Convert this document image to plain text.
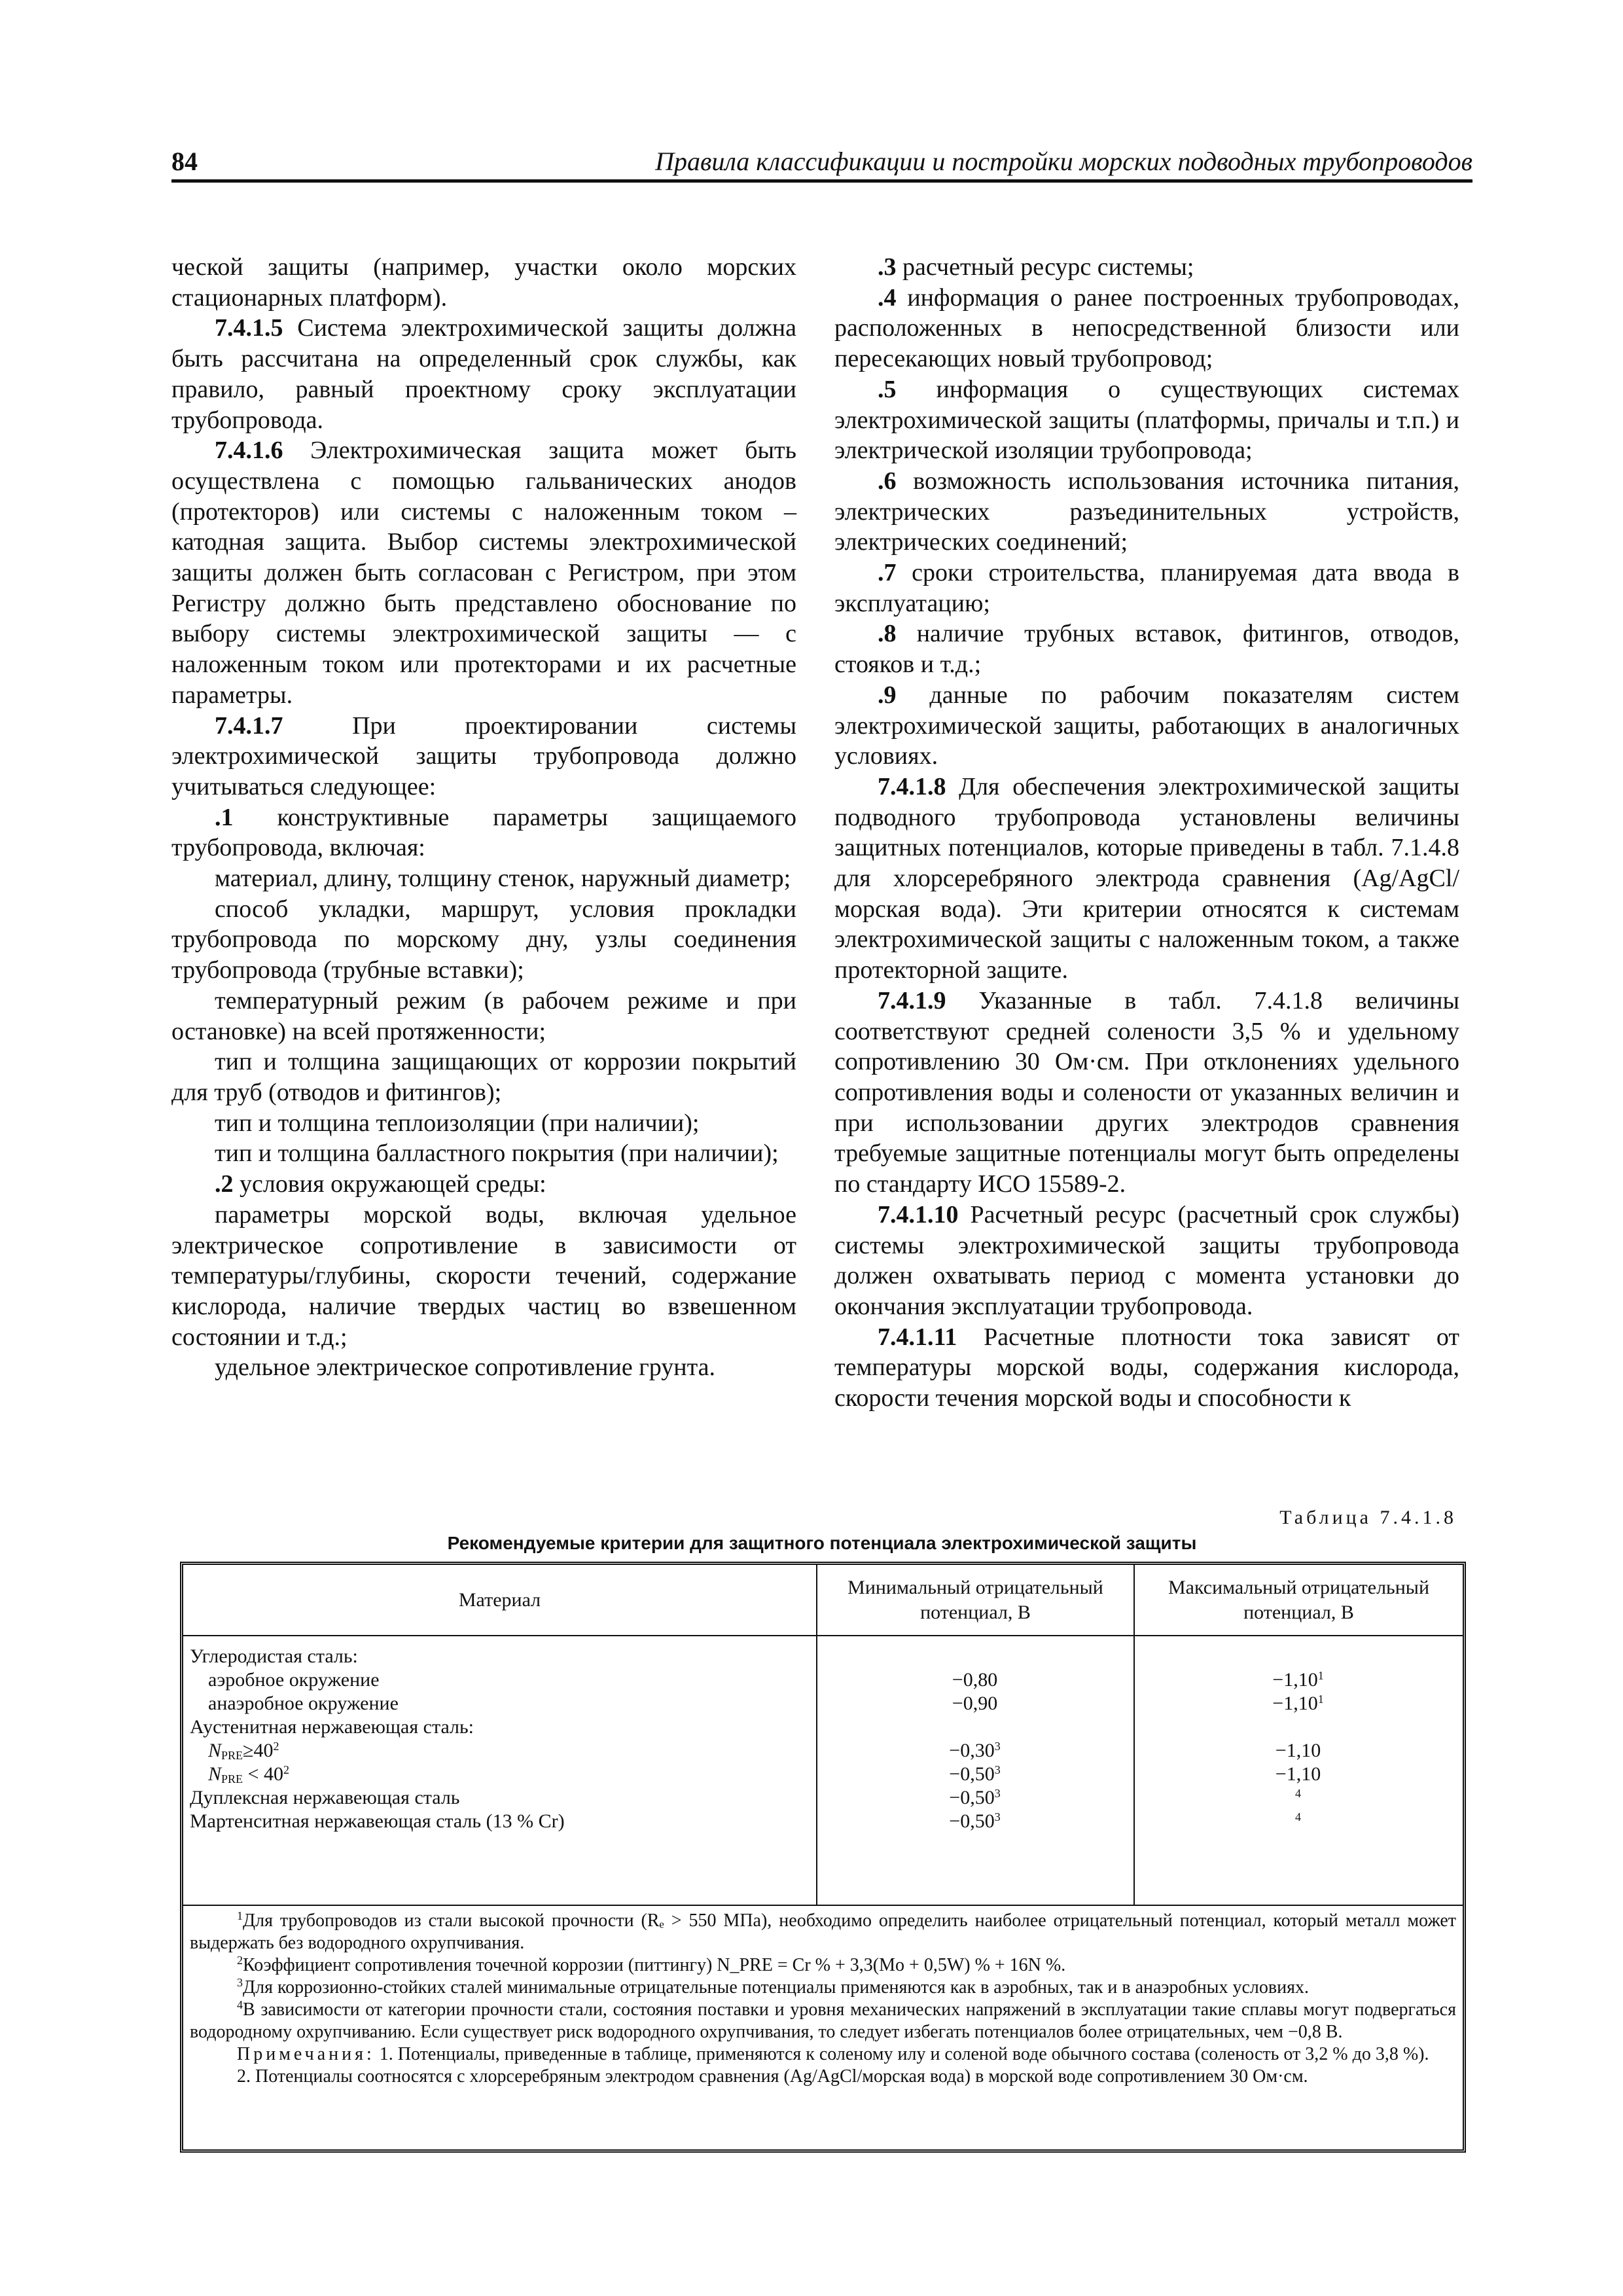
84	Правила классификации и постройки морских подводных трубопроводов

ческой защиты (например, участки около морских стационарных платформ).

7.4.1.5 Система электрохимической защиты должна быть рассчитана на определенный срок службы, как правило, равный проектному сроку эксплуатации трубопровода.

7.4.1.6 Электрохимическая защита может быть осуществлена с помощью гальванических анодов (протекторов) или системы с наложенным током – катодная защита. Выбор системы электрохимической защиты должен быть согласован с Регистром, при этом Регистру должно быть представлено обоснование по выбору системы электрохимической защиты — с наложенным током или протекторами и их расчетные параметры.

7.4.1.7 При проектировании системы электрохимической защиты трубопровода должно учитываться следующее:

.1 конструктивные параметры защищаемого трубопровода, включая:

материал, длину, толщину стенок, наружный диаметр;

способ укладки, маршрут, условия прокладки трубопровода по морскому дну, узлы соединения трубопровода (трубные вставки);

температурный режим (в рабочем режиме и при остановке) на всей протяженности;

тип и толщина защищающих от коррозии покрытий для труб (отводов и фитингов);

тип и толщина теплоизоляции (при наличии);

тип и толщина балластного покрытия (при наличии);

.2 условия окружающей среды:

параметры морской воды, включая удельное электрическое сопротивление в зависимости от температуры/глубины, скорости течений, содержание кислорода, наличие твердых частиц во взвешенном состоянии и т.д.;

удельное электрическое сопротивление грунта.

.3 расчетный ресурс системы;

.4 информация о ранее построенных трубопроводах, расположенных в непосредственной близости или пересекающих новый трубопровод;

.5 информация о существующих системах электрохимической защиты (платформы, причалы и т.п.) и электрической изоляции трубопровода;

.6 возможность использования источника питания, электрических разъединительных устройств, электрических соединений;

.7 сроки строительства, планируемая дата ввода в эксплуатацию;

.8 наличие трубных вставок, фитингов, отводов, стояков и т.д.;

.9 данные по рабочим показателям систем электрохимической защиты, работающих в аналогичных условиях.

7.4.1.8 Для обеспечения электрохимической защиты подводного трубопровода установлены величины защитных потенциалов, которые приведены в табл. 7.1.4.8 для хлорсеребряного электрода сравнения (Ag/AgCl/морская вода). Эти критерии относятся к системам электрохимической защиты с наложенным током, а также протекторной защите.

7.4.1.9 Указанные в табл. 7.4.1.8 величины соответствуют средней солености 3,5 % и удельному сопротивлению 30 Ом·см. При отклонениях удельного сопротивления воды и солености от указанных величин и при использовании других электродов сравнения требуемые защитные потенциалы могут быть определены по стандарту ИСО 15589-2.

7.4.1.10 Расчетный ресурс (расчетный срок службы) системы электрохимической защиты трубопровода должен охватывать период с момента установки до окончания эксплуатации трубопровода.

7.4.1.11 Расчетные плотности тока зависят от температуры морской воды, содержания кислорода, скорости течения морской воды и способности к

Таблица 7.4.1.8
Рекомендуемые критерии для защитного потенциала электрохимической защиты
Материал
Минимальный отрицательный потенциал, В
Максимальный отрицательный потенциал, В
Углеродистая сталь:
аэробное окружение	−0,80	$-1,10^1$
анаэробное окружение	−0,90	$-1,10^1$
Аустенитная нержавеющая сталь:
$N_{PRE}\ge 40^2$	$-0,30^3$	−1,10
$N_{PRE} < 40^2$	$-0,50^3$	−1,10
Дуплексная нержавеющая сталь	$-0,50^3$	$^4$
Мартенситная нержавеющая сталь (13 % Cr)	$-0,50^3$	$^4$

$^1$Для трубопроводов из стали высокой прочности (Rₑ > 550 МПа), необходимо определить наиболее отрицательный потенциал, который металл может выдержать без водородного охрупчивания.

$^2$Коэффициент сопротивления точечной коррозии (питтингу) N_PRE = Cr % + 3,3(Mo + 0,5W) % + 16N %.

$^3$Для коррозионно-стойких сталей минимальные отрицательные потенциалы применяются как в аэробных, так и в анаэробных условиях.

$^4$В зависимости от категории прочности стали, состояния поставки и уровня механических напряжений в эксплуатации такие сплавы могут подвергаться водородному охрупчиванию. Если существует риск водородного охрупчивания, то следует избегать потенциалов более отрицательных, чем −0,8 В.

Примечания: 1. Потенциалы, приведенные в таблице, применяются к соленому илу и соленой воде обычного состава (соленость от 3,2 % до 3,8 %).

2. Потенциалы соотносятся с хлорсеребряным электродом сравнения (Ag/AgCl/морская вода) в морской воде сопротивлением 30 Ом·см.
